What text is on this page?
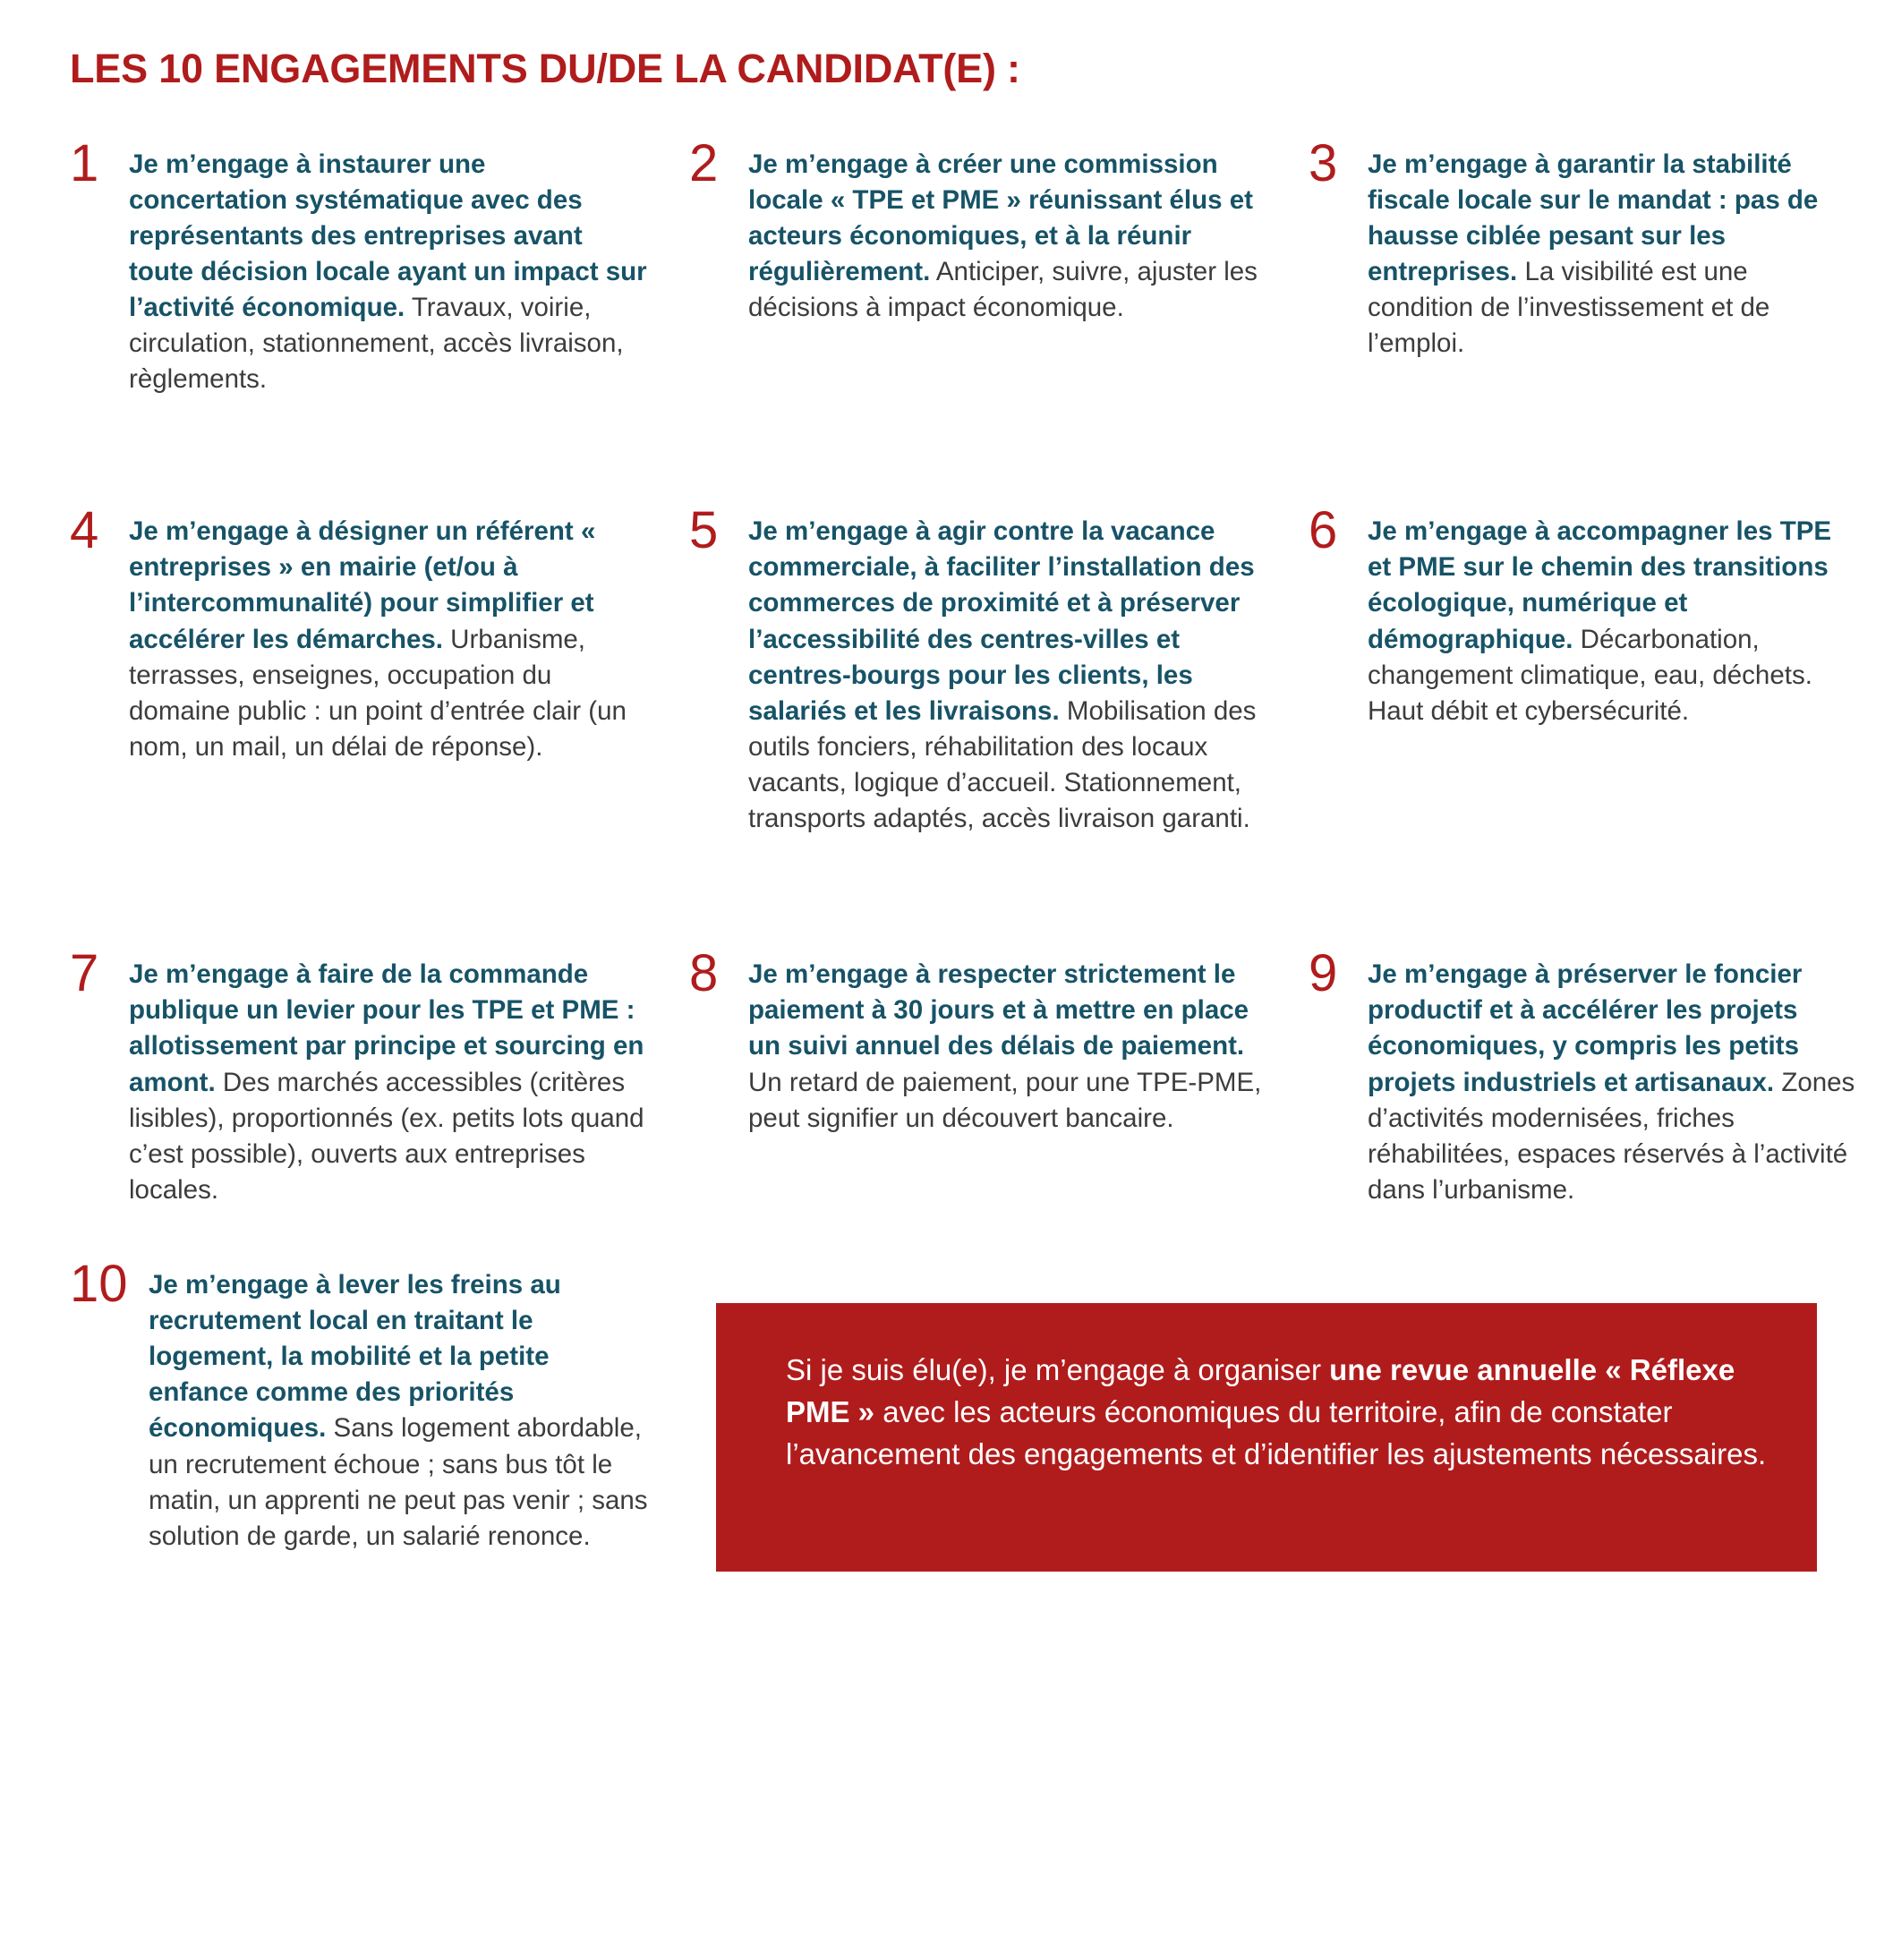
LES 10 ENGAGEMENTS DU/DE LA CANDIDAT(E) :
1	Je m’engage à instaurer une concertation systématique avec des représentants des entreprises avant toute décision locale ayant un impact sur l’activité économique. Travaux, voirie, circulation, stationnement, accès livraison, règlements.
2	Je m’engage à créer une commission locale « TPE et PME » réunissant élus et acteurs économiques, et à la réunir régulièrement. Anticiper, suivre, ajuster les décisions à impact économique.
3	Je m’engage à garantir la stabilité fiscale locale sur le mandat : pas de hausse ciblée pesant sur les entreprises. La visibilité est une condition de l’investissement et de l’emploi.
4	Je m’engage à désigner un référent « entreprises » en mairie (et/ou à l’intercommunalité) pour simplifier et accélérer les démarches. Urbanisme, terrasses, enseignes, occupation du domaine public : un point d’entrée clair (un nom, un mail, un délai de réponse).
5	Je m’engage à agir contre la vacance commerciale, à faciliter l’installation des commerces de proximité et à préserver l’accessibilité des centres-villes et centres-bourgs pour les clients, les salariés et les livraisons. Mobilisation des outils fonciers, réhabilitation des locaux vacants, logique d’accueil. Stationnement, transports adaptés, accès livraison garanti.
6	Je m’engage à accompagner les TPE et PME sur le chemin des transitions écologique, numérique et démographique. Décarbonation, changement climatique, eau, déchets. Haut débit et cybersécurité.
7	Je m’engage à faire de la commande publique un levier pour les TPE et PME : allotissement par principe et sourcing en amont. Des marchés accessibles (critères lisibles), proportionnés (ex. petits lots quand c’est possible), ouverts aux entreprises locales.
8	Je m’engage à respecter strictement le paiement à 30 jours et à mettre en place un suivi annuel des délais de paiement. Un retard de paiement, pour une TPE-PME, peut signifier un découvert bancaire.
9	Je m’engage à préserver le foncier productif et à accélérer les projets économiques, y compris les petits projets industriels et artisanaux. Zones d’activités modernisées, friches réhabilitées, espaces réservés à l’activité dans l’urbanisme.
10 Je m’engage à lever les freins au recrutement local en traitant le logement, la mobilité et la petite enfance comme des priorités économiques. Sans logement abordable, un recrutement échoue ; sans bus tôt le matin, un apprenti ne peut pas venir ; sans solution de garde, un salarié renonce.
Si je suis élu(e), je m’engage à organiser une revue annuelle « Réflexe PME » avec les acteurs économiques du territoire, afin de constater l’avancement des engagements et d’identifier les ajustements nécessaires.
